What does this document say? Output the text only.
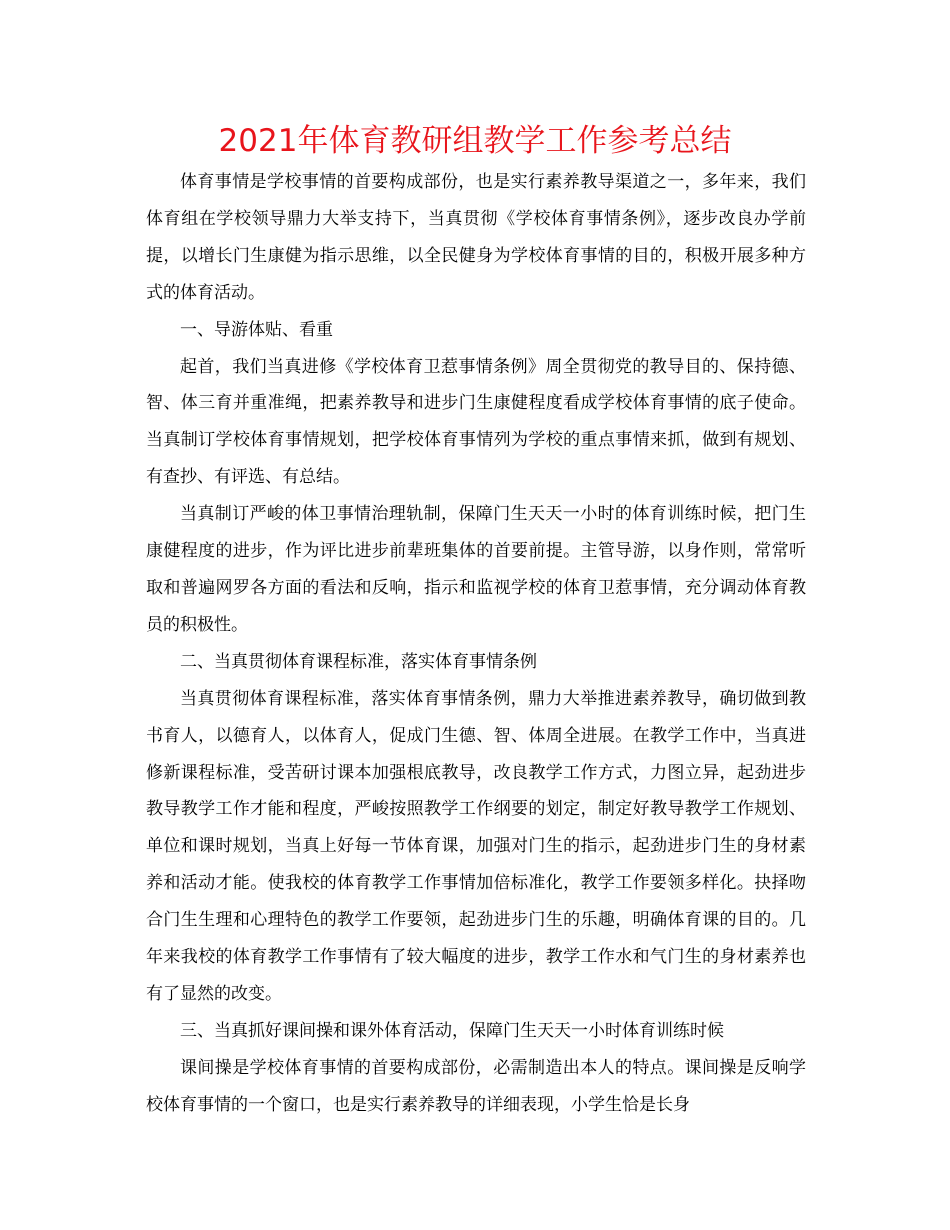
2021年体育教研组教学工作参考总结

体育事情是学校事情的首要构成部份，也是实行素养教导渠道之一，多年来，我们体育组在学校领导鼎力大举支持下，当真贯彻《学校体育事情条例》，逐步改良办学前提，以增长门生康健为指示思维，以全民健身为学校体育事情的目的，积极开展多种方式的体育活动。

一、导游体贴、看重

起首，我们当真进修《学校体育卫惹事情条例》周全贯彻党的教导目的、保持德、智、体三育并重准绳，把素养教导和进步门生康健程度看成学校体育事情的底子使命。当真制订学校体育事情规划，把学校体育事情列为学校的重点事情来抓，做到有规划、有查抄、有评选、有总结。

当真制订严峻的体卫事情治理轨制，保障门生天天一小时的体育训练时候，把门生康健程度的进步，作为评比进步前辈班集体的首要前提。主管导游，以身作则，常常听取和普遍网罗各方面的看法和反响，指示和监视学校的体育卫惹事情，充分调动体育教员的积极性。

二、当真贯彻体育课程标准，落实体育事情条例

当真贯彻体育课程标准，落实体育事情条例，鼎力大举推进素养教导，确切做到教书育人，以德育人，以体育人，促成门生德、智、体周全进展。在教学工作中，当真进修新课程标准，受苦研讨课本加强根底教导，改良教学工作方式，力图立异，起劲进步教导教学工作才能和程度，严峻按照教学工作纲要的划定，制定好教导教学工作规划、单位和课时规划，当真上好每一节体育课，加强对门生的指示，起劲进步门生的身材素养和活动才能。使我校的体育教学工作事情加倍标准化，教学工作要领多样化。抉择吻合门生生理和心理特色的教学工作要领，起劲进步门生的乐趣，明确体育课的目的。几年来我校的体育教学工作事情有了较大幅度的进步，教学工作水和气门生的身材素养也有了显然的改变。

三、当真抓好课间操和课外体育活动，保障门生天天一小时体育训练时候

课间操是学校体育事情的首要构成部份，必需制造出本人的特点。课间操是反响学校体育事情的一个窗口，也是实行素养教导的详细表现，小学生恰是长身
